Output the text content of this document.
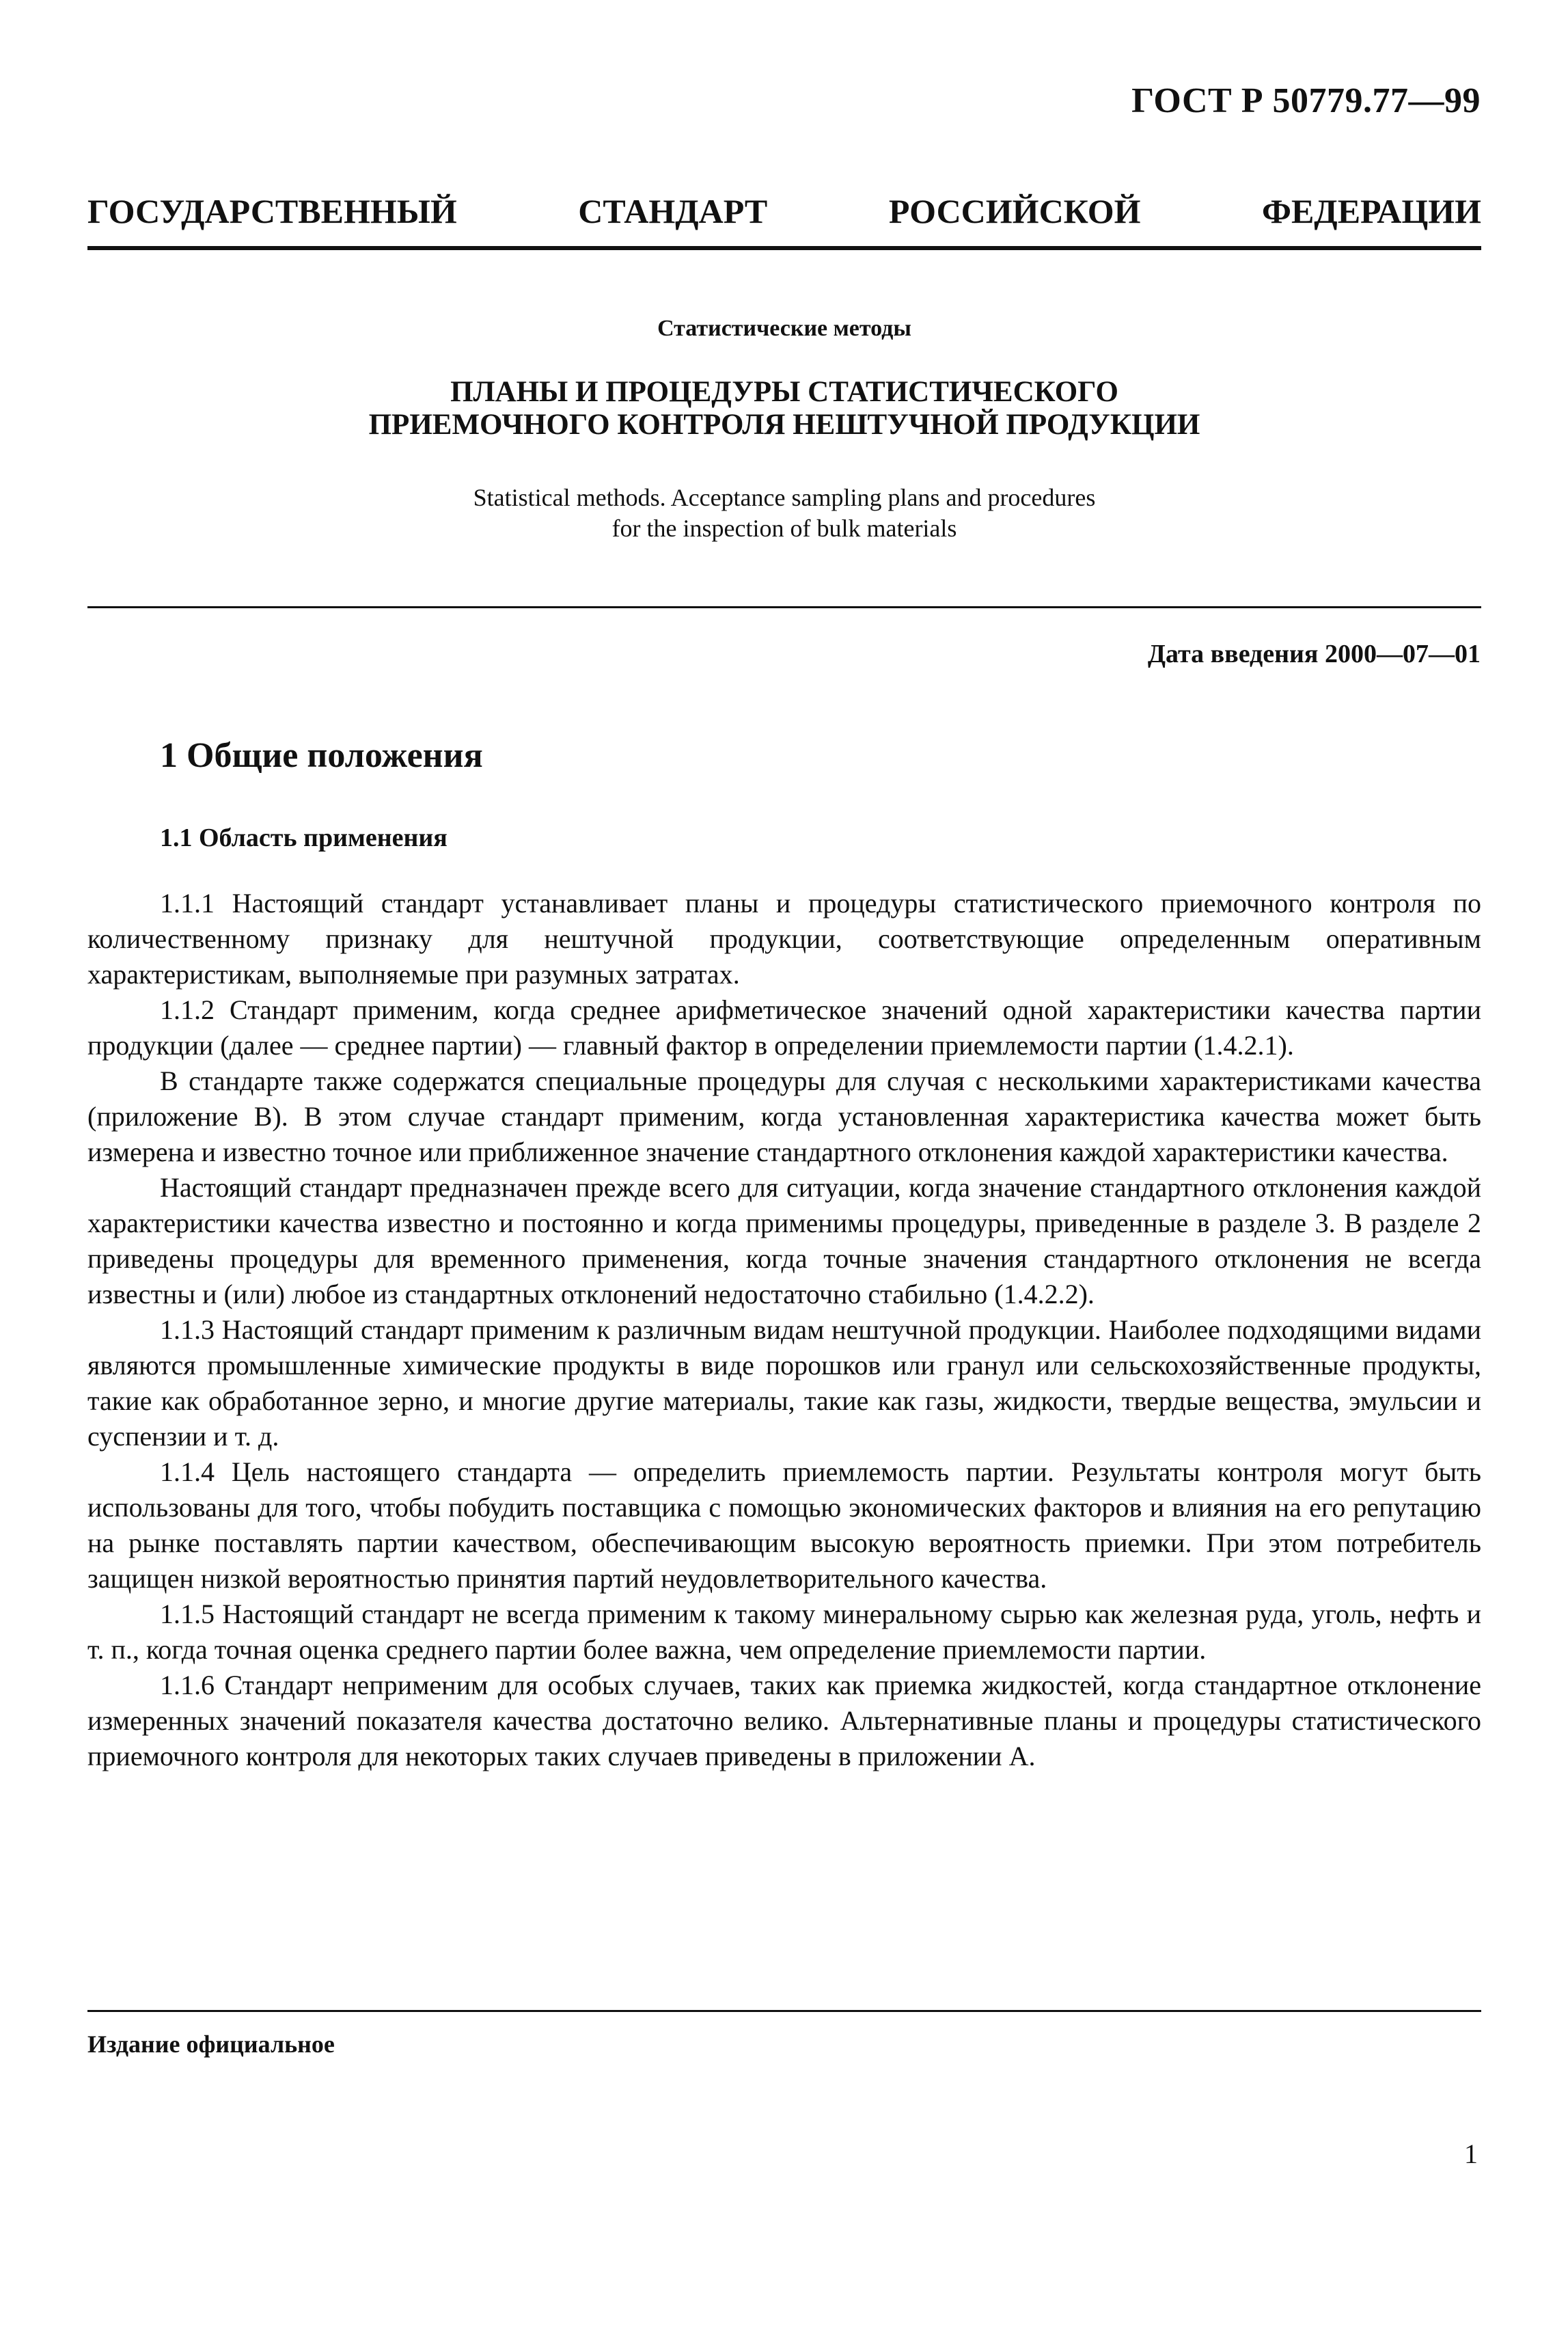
ГОСТ Р 50779.77—99
ГОСУДАРСТВЕННЫЙ СТАНДАРТ РОССИЙСКОЙ ФЕДЕРАЦИИ
Статистические методы
ПЛАНЫ И ПРОЦЕДУРЫ СТАТИСТИЧЕСКОГО
ПРИЕМОЧНОГО КОНТРОЛЯ НЕШТУЧНОЙ ПРОДУКЦИИ
Statistical methods. Acceptance sampling plans and procedures
for the inspection of bulk materials
Дата введения 2000—07—01
1 Общие положения
1.1 Область применения

1.1.1 Настоящий стандарт устанавливает планы и процедуры статистического приемочного контроля по количественному признаку для нештучной продукции, соответствующие определенным оперативным характеристикам, выполняемые при разумных затратах.

1.1.2 Стандарт применим, когда среднее арифметическое значений одной характеристики качества партии продукции (далее — среднее партии) — главный фактор в определении приемлемости партии (1.4.2.1).

В стандарте также содержатся специальные процедуры для случая с несколькими характеристиками качества (приложение В). В этом случае стандарт применим, когда установленная характеристика качества может быть измерена и известно точное или приближенное значение стандартного отклонения каждой характеристики качества.

Настоящий стандарт предназначен прежде всего для ситуации, когда значение стандартного отклонения каждой характеристики качества известно и постоянно и когда применимы процедуры, приведенные в разделе 3. В разделе 2 приведены процедуры для временного применения, когда точные значения стандартного отклонения не всегда известны и (или) любое из стандартных отклонений недостаточно стабильно (1.4.2.2).

1.1.3 Настоящий стандарт применим к различным видам нештучной продукции. Наиболее подходящими видами являются промышленные химические продукты в виде порошков или гранул или сельскохозяйственные продукты, такие как обработанное зерно, и многие другие материалы, такие как газы, жидкости, твердые вещества, эмульсии и суспензии и т. д.

1.1.4 Цель настоящего стандарта — определить приемлемость партии. Результаты контроля могут быть использованы для того, чтобы побудить поставщика с помощью экономических факторов и влияния на его репутацию на рынке поставлять партии качеством, обеспечивающим высокую вероятность приемки. При этом потребитель защищен низкой вероятностью принятия партий неудовлетворительного качества.

1.1.5 Настоящий стандарт не всегда применим к такому минеральному сырью как железная руда, уголь, нефть и т. п., когда точная оценка среднего партии более важна, чем определение приемлемости партии.

1.1.6 Стандарт неприменим для особых случаев, таких как приемка жидкостей, когда стандартное отклонение измеренных значений показателя качества достаточно велико. Альтернативные планы и процедуры статистического приемочного контроля для некоторых таких случаев приведены в приложении А.

Издание официальное
1
